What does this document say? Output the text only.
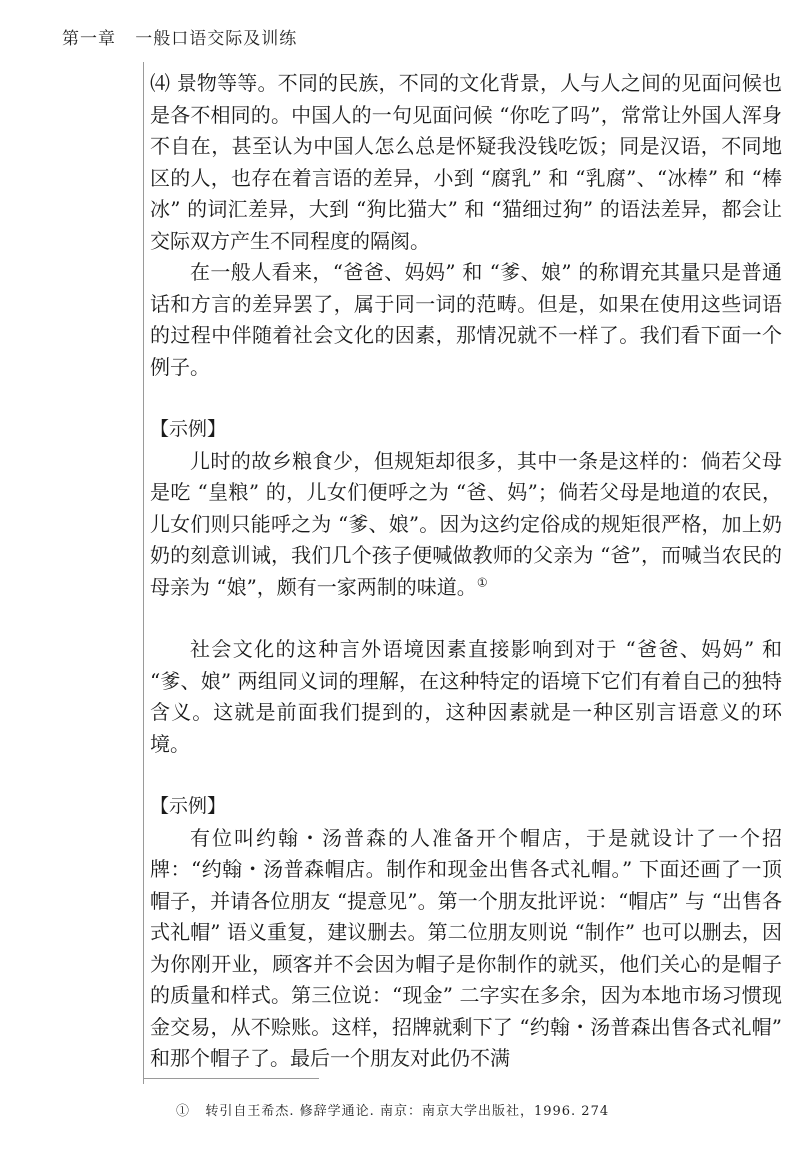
第一章 一般口语交际及训练

⑷ 景物等等。不同的民族，不同的文化背景，人与人之间的见面问候也是各不相同的。中国人的一句见面问候 “你吃了吗”，常常让外国人浑身不自在，甚至认为中国人怎么总是怀疑我没钱吃饭；同是汉语，不同地区的人，也存在着言语的差异，小到 “腐乳” 和 “乳腐”、“冰棒” 和 “棒冰” 的词汇差异，大到 “狗比猫大” 和 “猫细过狗” 的语法差异，都会让交际双方产生不同程度的隔阂。

在一般人看来，“爸爸、妈妈” 和 “爹、娘” 的称谓充其量只是普通话和方言的差异罢了，属于同一词的范畴。但是，如果在使用这些词语的过程中伴随着社会文化的因素，那情况就不一样了。我们看下面一个例子。

【示例】

儿时的故乡粮食少，但规矩却很多，其中一条是这样的：倘若父母是吃 “皇粮” 的，儿女们便呼之为 “爸、妈”；倘若父母是地道的农民，儿女们则只能呼之为 “爹、娘”。因为这约定俗成的规矩很严格，加上奶奶的刻意训诫，我们几个孩子便喊做教师的父亲为 “爸”，而喊当农民的母亲为 “娘”，颇有一家两制的味道。①

社会文化的这种言外语境因素直接影响到对于 “爸爸、妈妈” 和 “爹、娘” 两组同义词的理解，在这种特定的语境下它们有着自己的独特含义。这就是前面我们提到的，这种因素就是一种区别言语意义的环境。

【示例】

有位叫约翰・汤普森的人准备开个帽店，于是就设计了一个招牌：“约翰・汤普森帽店。制作和现金出售各式礼帽。” 下面还画了一顶帽子，并请各位朋友 “提意见”。第一个朋友批评说：“帽店” 与 “出售各式礼帽” 语义重复，建议删去。第二位朋友则说 “制作” 也可以删去，因为你刚开业，顾客并不会因为帽子是你制作的就买，他们关心的是帽子的质量和样式。第三位说：“现金” 二字实在多余，因为本地市场习惯现金交易，从不赊账。这样，招牌就剩下了 “约翰・汤普森出售各式礼帽” 和那个帽子了。最后一个朋友对此仍不满

① 转引自王希杰. 修辞学通论. 南京：南京大学出版社，1996. 274
